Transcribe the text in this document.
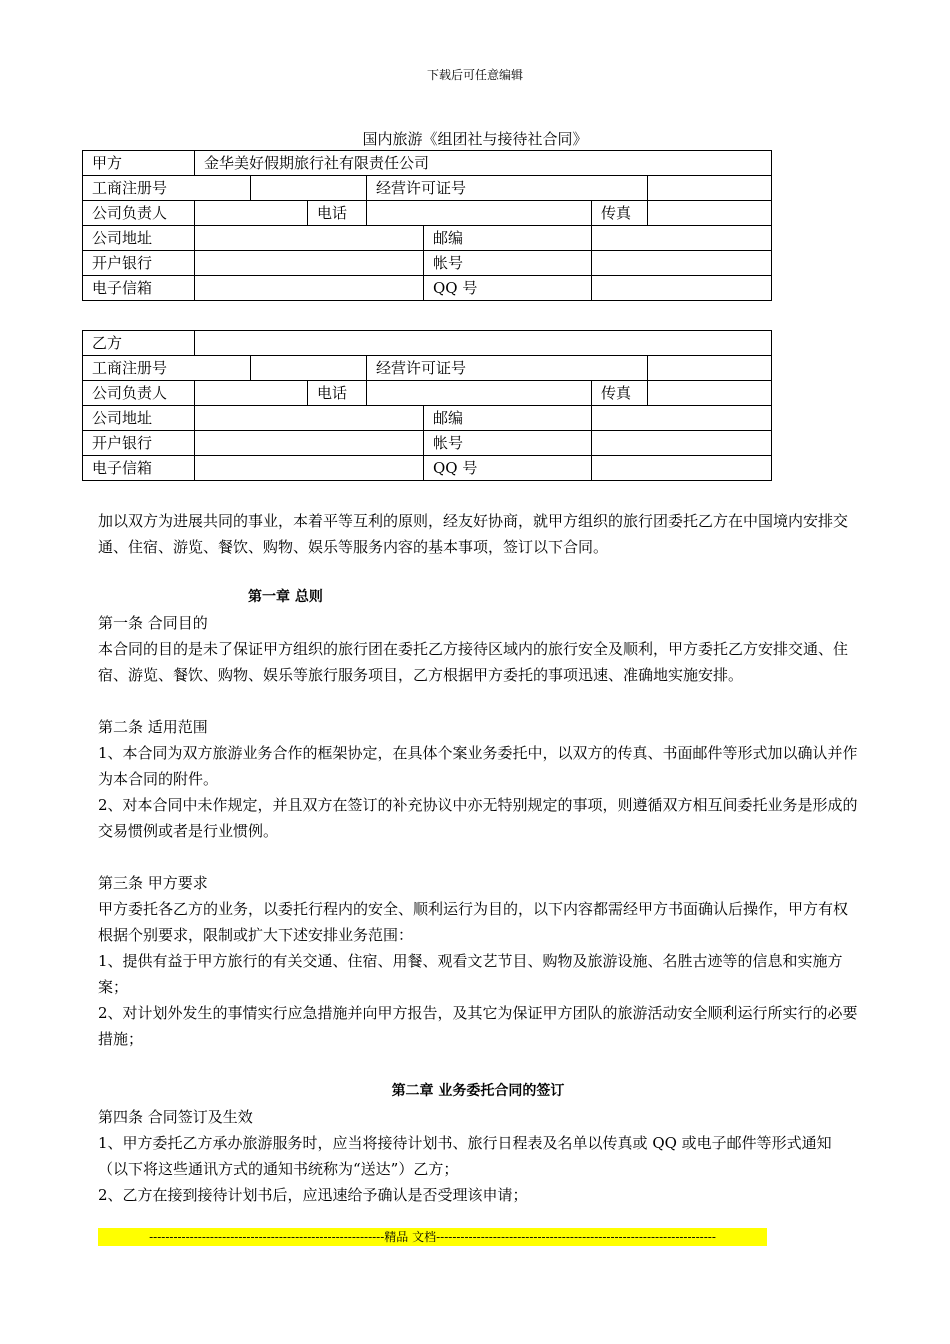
下载后可任意编辑
国内旅游《组团社与接待社合同》
甲方	金华美好假期旅行社有限责任公司						
工商注册号				经营许可证号			
公司负责人			电话			传真	
公司地址					邮编		
开户银行					帐号		
电子信箱					QQ 号		
乙方							
工商注册号				经营许可证号			
公司负责人			电话			传真	
公司地址					邮编		
开户银行					帐号		
电子信箱					QQ 号		
加以双方为进展共同的事业，本着平等互利的原则，经友好协商，就甲方组织的旅行团委托乙方在中国境内安排交通、住宿、游览、餐饮、购物、娱乐等服务内容的基本事项，签订以下合同。

第一章 总则

第一条 合同目的

本合同的目的是未了保证甲方组织的旅行团在委托乙方接待区域内的旅行安全及顺利，甲方委托乙方安排交通、住宿、游览、餐饮、购物、娱乐等旅行服务项目，乙方根据甲方委托的事项迅速、准确地实施安排。

第二条 适用范围

1、本合同为双方旅游业务合作的框架协定，在具体个案业务委托中，以双方的传真、书面邮件等形式加以确认并作为本合同的附件。

2、对本合同中未作规定，并且双方在签订的补充协议中亦无特别规定的事项，则遵循双方相互间委托业务是形成的交易惯例或者是行业惯例。

第三条 甲方要求

甲方委托各乙方的业务，以委托行程内的安全、顺利运行为目的，以下内容都需经甲方书面确认后操作，甲方有权根据个别要求，限制或扩大下述安排业务范围：

1、提供有益于甲方旅行的有关交通、住宿、用餐、观看文艺节目、购物及旅游设施、名胜古迹等的信息和实施方案；

2、对计划外发生的事情实行应急措施并向甲方报告，及其它为保证甲方团队的旅游活动安全顺利运行所实行的必要措施；

第二章 业务委托合同的签订

第四条 合同签订及生效

1、甲方委托乙方承办旅游服务时，应当将接待计划书、旅行日程表及名单以传真或 QQ 或电子邮件等形式通知（以下将这些通讯方式的通知书统称为“送达”）乙方；

2、乙方在接到接待计划书后，应迅速给予确认是否受理该申请；

----------------------------------------------------------精品 文档---------------------------------------------------------------------
